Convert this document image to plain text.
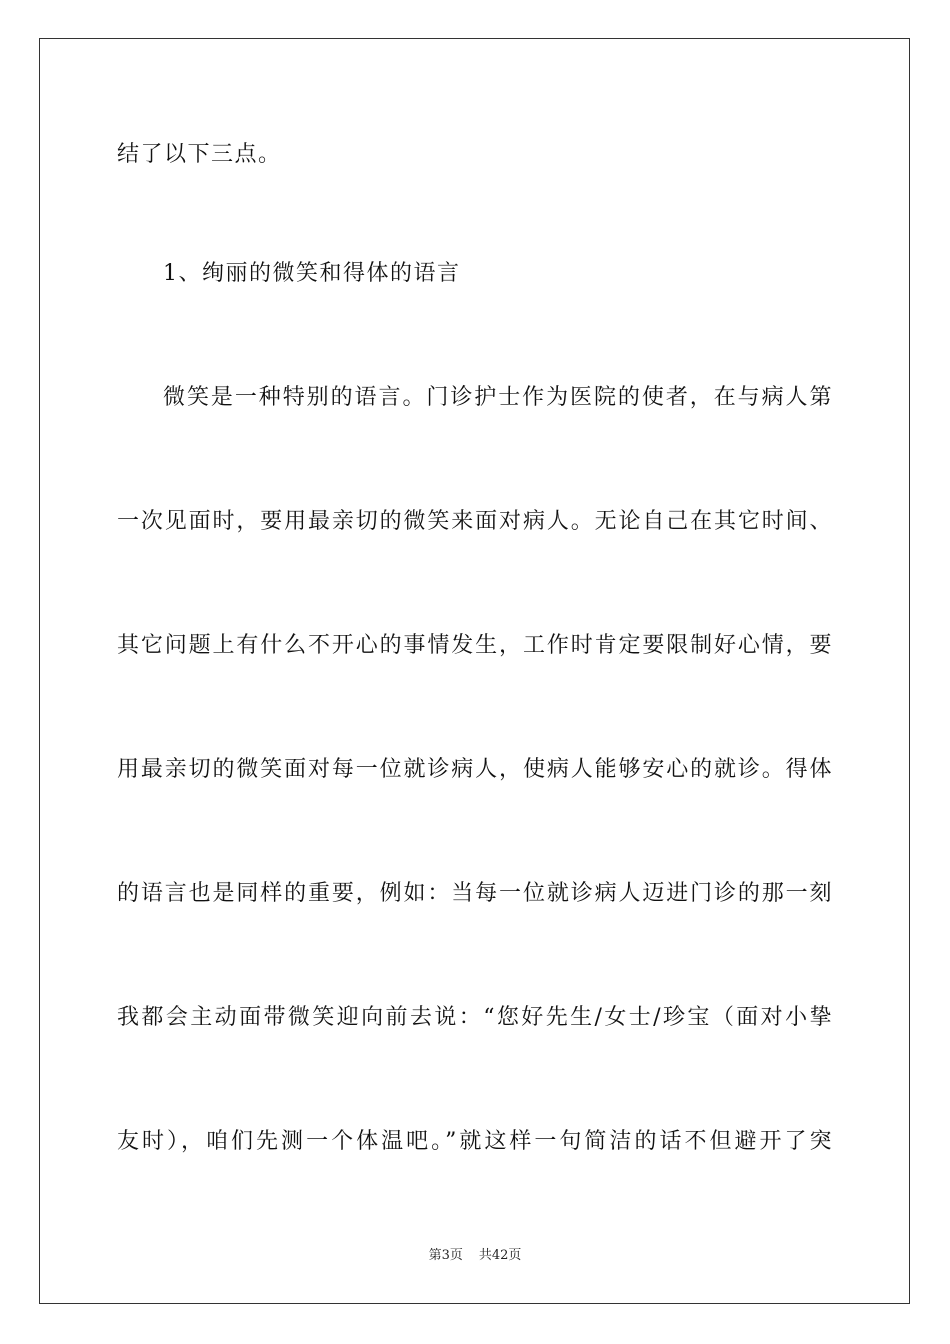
结了以下三点。
1、绚丽的微笑和得体的语言
微笑是一种特别的语言。门诊护士作为医院的使者，在与病人第
一次见面时，要用最亲切的微笑来面对病人。无论自己在其它时间、
其它问题上有什么不开心的事情发生，工作时肯定要限制好心情，要
用最亲切的微笑面对每一位就诊病人，使病人能够安心的就诊。得体
的语言也是同样的重要，例如：当每一位就诊病人迈进门诊的那一刻
我都会主动面带微笑迎向前去说：“您好先生/女士/珍宝（面对小挚
友时），咱们先测一个体温吧。”就这样一句简洁的话不但避开了突
第3页 共42页
